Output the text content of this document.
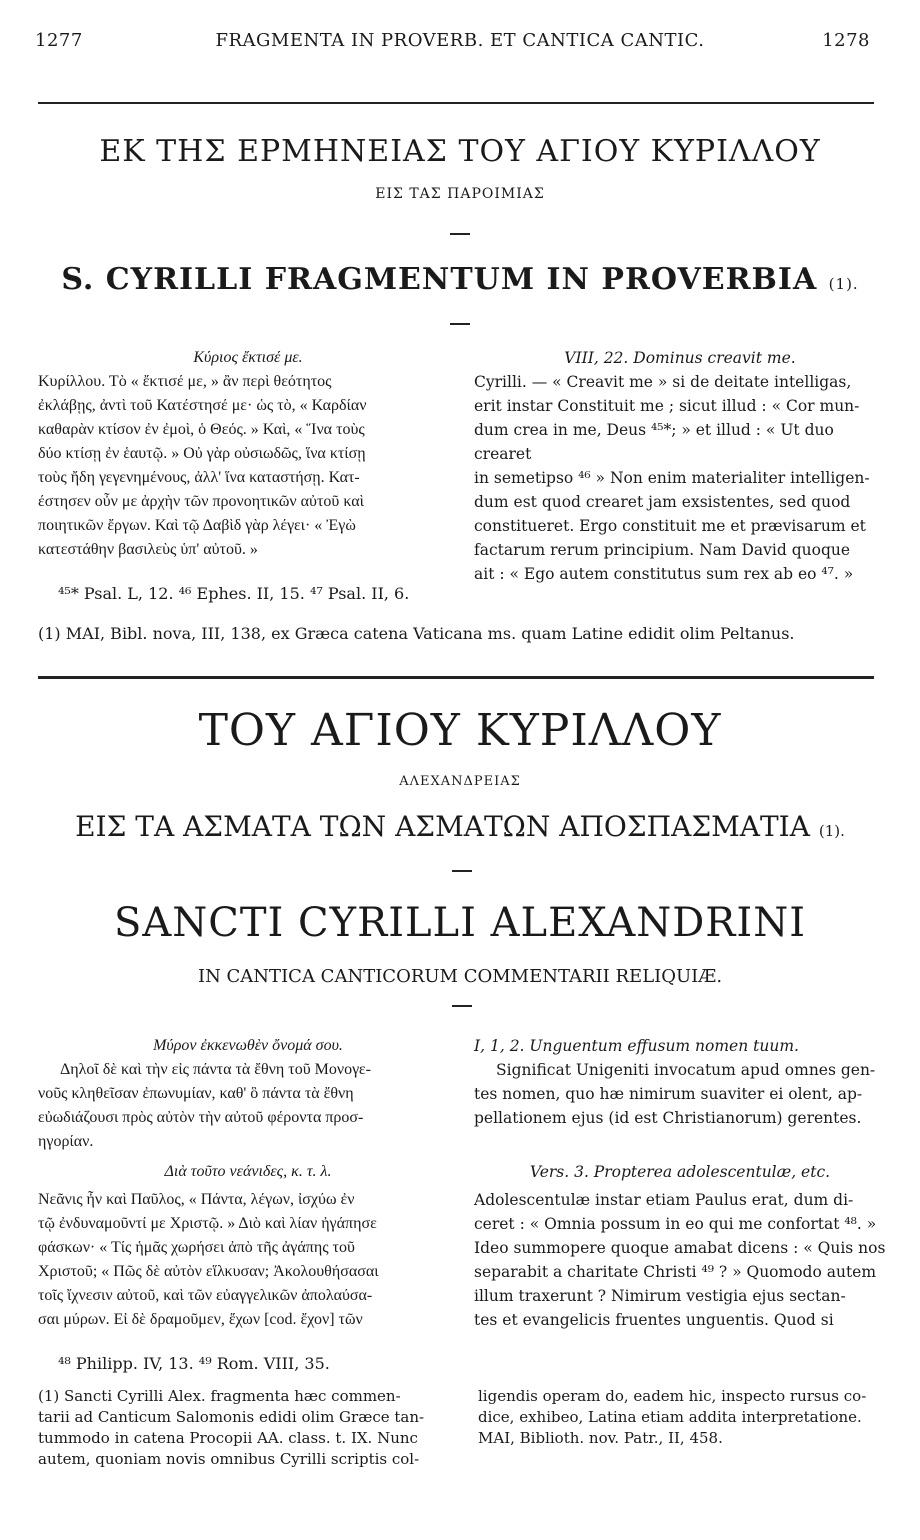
1277	FRAGMENTA IN PROVERB. ET CANTICA CANTIC.	1278
ΕΚ ΤΗΣ ΕΡΜΗΝΕΙΑΣ ΤΟΥ ΑΓΙΟΥ ΚΥΡΙΛΛΟΥ
ΕΙΣ ΤΑΣ ΠΑΡΟΙΜΙΑΣ
S. CYRILLI FRAGMENTUM IN PROVERBIA (1).

Κύριος ἔκτισέ με.

Κυρίλλου. Τὸ « ἔκτισέ με, » ἂν περὶ θεότητος

ἐκλάβῃς, ἀντὶ τοῦ Κατέστησέ με· ὡς τὸ, « Καρδίαν

καθαρὰν κτίσον ἐν ἐμοὶ, ὁ Θεός. » Καὶ, « Ἵνα τοὺς

δύο κτίσῃ ἐν ἑαυτῷ. » Οὐ γὰρ οὐσιωδῶς, ἵνα κτίσῃ

τοὺς ἤδη γεγενημένους, ἀλλ' ἵνα καταστήσῃ. Κατ-

έστησεν οὖν με ἀρχὴν τῶν προνοητικῶν αὐτοῦ καὶ

ποιητικῶν ἔργων. Καὶ τῷ Δαβὶδ γὰρ λέγει· « Ἐγὼ

κατεστάθην βασιλεὺς ὑπ' αὐτοῦ. »

VIII, 22. Dominus creavit me.

Cyrilli. — « Creavit me » si de deitate intelligas,

erit instar Constituit me ; sicut illud : « Cor mun-

dum crea in me, Deus ⁴⁵*; » et illud : « Ut duo crearet

in semetipso ⁴⁶ » Non enim materialiter intelligen-

dum est quod crearet jam exsistentes, sed quod

constitueret. Ergo constituit me et prævisarum et

factarum rerum principium. Nam David quoque

ait : « Ego autem constitutus sum rex ab eo ⁴⁷. »

⁴⁵* Psal. L, 12. ⁴⁶ Ephes. II, 15. ⁴⁷ Psal. II, 6.
(1) MAI, Bibl. nova, III, 138, ex Græca catena Vaticana ms. quam Latine edidit olim Peltanus.
ΤΟΥ ΑΓΙΟΥ ΚΥΡΙΛΛΟΥ
ΑΛΕΧΑΝΔΡΕΙΑΣ
ΕΙΣ ΤΑ ΑΣΜΑΤΑ ΤΩΝ ΑΣΜΑΤΩΝ ΑΠΟΣΠΑΣΜΑΤΙΑ (1).
SANCTI CYRILLI ALEXANDRINI
IN CANTICA CANTICORUM COMMENTARII RELIQUIÆ.

Μύρον ἐκκενωθὲν ὄνομά σου.

Δηλοῖ δὲ καὶ τὴν εἰς πάντα τὰ ἔθνη τοῦ Μονογε-

νοῦς κληθεῖσαν ἐπωνυμίαν, καθ' ὃ πάντα τὰ ἔθνη

εὐωδιάζουσι πρὸς αὐτὸν τὴν αὐτοῦ φέροντα προσ-

ηγορίαν.

Διὰ τοῦτο νεάνιδες, κ. τ. λ.

Νεᾶνις ἦν καὶ Παῦλος, « Πάντα, λέγων, ἰσχύω ἐν

τῷ ἐνδυναμοῦντί με Χριστῷ. » Διὸ καὶ λίαν ἠγάπησε

φάσκων· « Τίς ἡμᾶς χωρήσει ἀπὸ τῆς ἀγάπης τοῦ

Χριστοῦ; « Πῶς δὲ αὐτὸν εἵλκυσαν; Ἀκολουθήσασαι

τοῖς ἴχνεσιν αὐτοῦ, καὶ τῶν εὐαγγελικῶν ἀπολαύσα-

σαι μύρων. Εἰ δὲ δραμοῦμεν, ἔχων [cod. ἔχον] τῶν

I, 1, 2. Unguentum effusum nomen tuum.

Significat Unigeniti invocatum apud omnes gen-

tes nomen, quo hæ nimirum suaviter ei olent, ap-

pellationem ejus (id est Christianorum) gerentes.

Vers. 3. Propterea adolescentulæ, etc.

Adolescentulæ instar etiam Paulus erat, dum di-

ceret : « Omnia possum in eo qui me confortat ⁴⁸. »

Ideo summopere quoque amabat dicens : « Quis nos

separabit a charitate Christi ⁴⁹ ? » Quomodo autem

illum traxerunt ? Nimirum vestigia ejus sectan-

tes et evangelicis fruentes unguentis. Quod si

⁴⁸ Philipp. IV, 13. ⁴⁹ Rom. VIII, 35.

(1) Sancti Cyrilli Alex. fragmenta hæc commen-

tarii ad Canticum Salomonis edidi olim Græce tan-

tummodo in catena Procopii AA. class. t. IX. Nunc

autem, quoniam novis omnibus Cyrilli scriptis col-

ligendis operam do, eadem hic, inspecto rursus co-

dice, exhibeo, Latina etiam addita interpretatione.

MAI, Biblioth. nov. Patr., II, 458.
